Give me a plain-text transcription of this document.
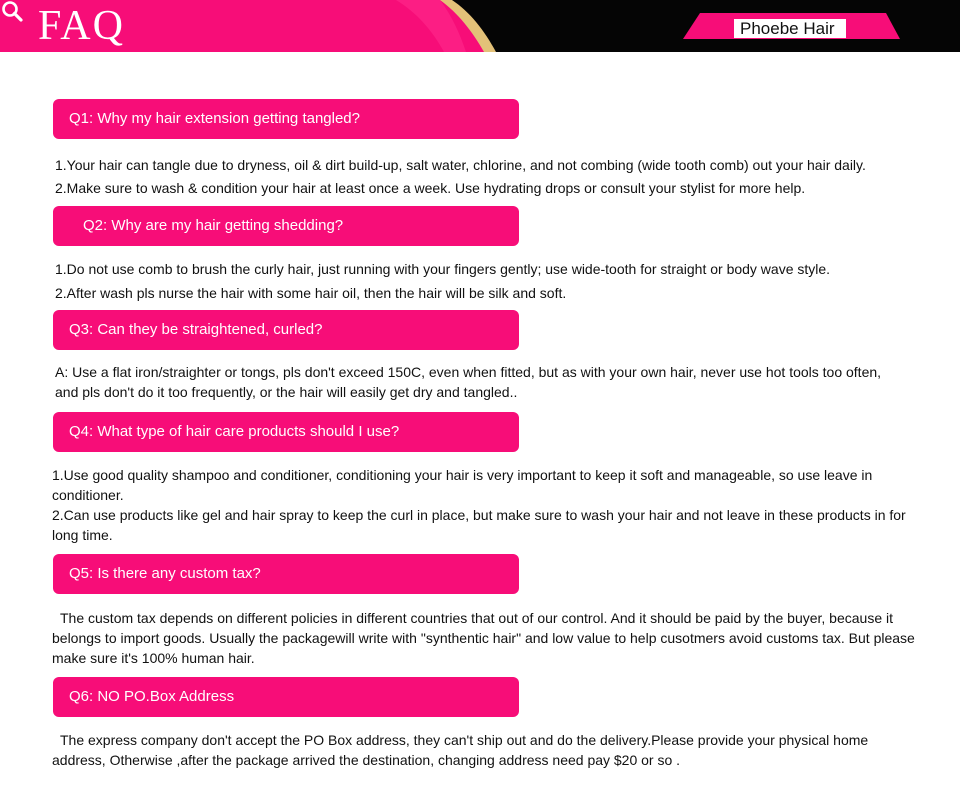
FAQ	Phoebe Hair
Q1: Why my hair extension getting tangled?

1.Your hair can tangle due to dryness, oil & dirt build-up, salt water, chlorine, and not combing (wide tooth comb) out your hair daily.

2.Make sure to wash & condition your hair at least once a week. Use hydrating drops or consult your stylist for more help.

Q2: Why are my hair getting shedding?

1.Do not use comb to brush the curly hair, just running with your fingers gently; use wide-tooth for straight or body wave style.

2.After wash pls nurse the hair with some hair oil, then the hair will be silk and soft.

Q3: Can they be straightened, curled?

A: Use a flat iron/straighter or tongs, pls don't exceed 150C, even when fitted, but as with your own hair, never use hot tools too often, and pls don't do it too frequently, or the hair will easily get dry and tangled..

Q4: What type of hair care products should I use?

1.Use good quality shampoo and conditioner, conditioning your hair is very important to keep it soft and manageable, so use leave in conditioner.

2.Can use products like gel and hair spray to keep the curl in place, but make sure to wash your hair and not leave in these products in for long time.

Q5: Is there any custom tax?

The custom tax depends on different policies in different countries that out of our control. And it should be paid by the buyer, because it belongs to import goods. Usually the packagewill write with "synthentic hair" and low value to help cusotmers avoid customs tax. But please make sure it's 100% human hair.

Q6: NO PO.Box Address

The express company don't accept the PO Box address, they can't ship out and do the delivery.Please provide your physical home address, Otherwise ,after the package arrived the destination, changing address need pay $20 or so .
